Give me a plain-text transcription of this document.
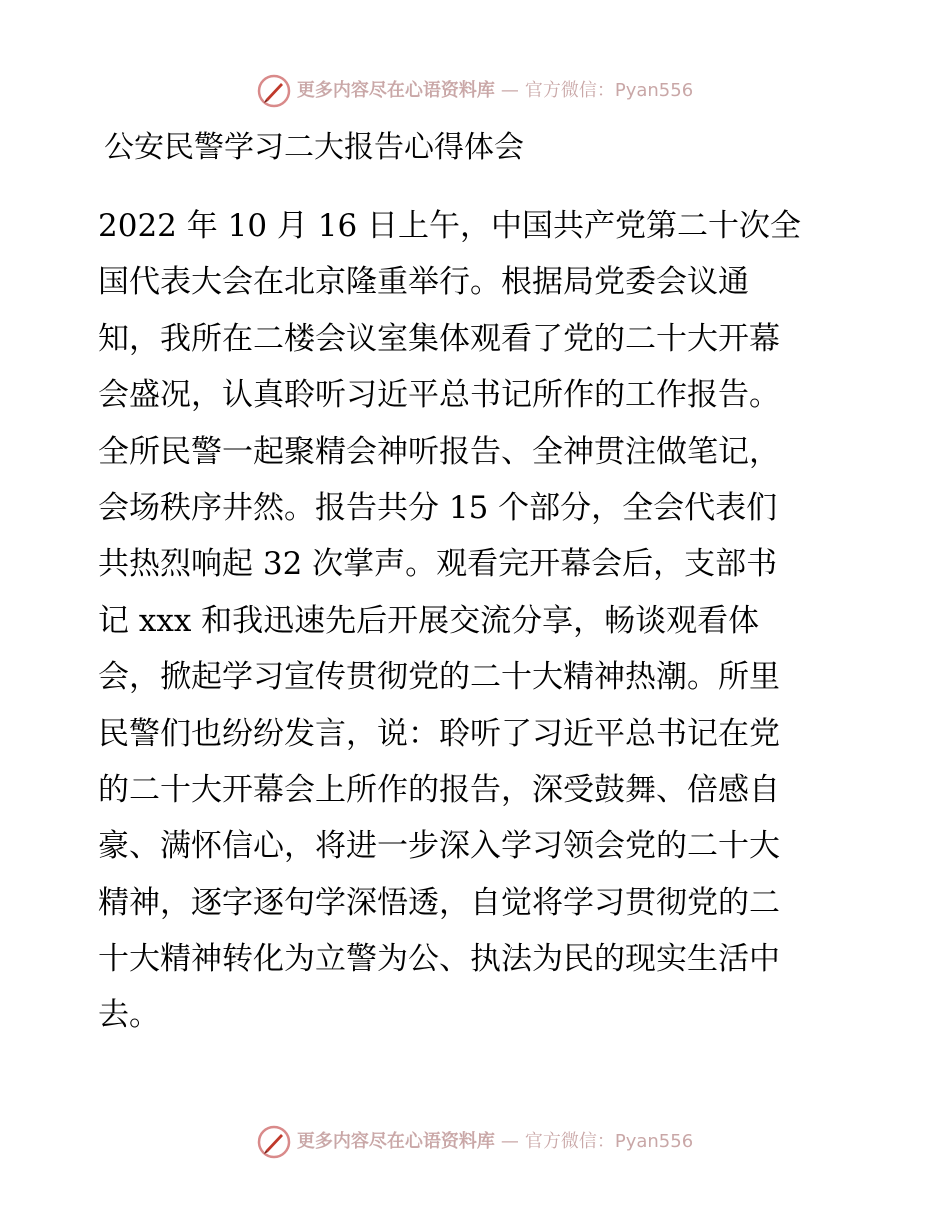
更多内容尽在心语资料库 — 官方微信：Pyan556
公安民警学习二大报告心得体会
2022 年 10 月 16 日上午，中国共产党第二十次全
国代表大会在北京隆重举行。根据局党委会议通
知，我所在二楼会议室集体观看了党的二十大开幕
会盛况，认真聆听习近平总书记所作的工作报告。
全所民警一起聚精会神听报告、全神贯注做笔记，
会场秩序井然。报告共分 15 个部分，全会代表们
共热烈响起 32 次掌声。观看完开幕会后，支部书
记 xxx 和我迅速先后开展交流分享，畅谈观看体
会，掀起学习宣传贯彻党的二十大精神热潮。所里
民警们也纷纷发言，说：聆听了习近平总书记在党
的二十大开幕会上所作的报告，深受鼓舞、倍感自
豪、满怀信心，将进一步深入学习领会党的二十大
精神，逐字逐句学深悟透，自觉将学习贯彻党的二
十大精神转化为立警为公、执法为民的现实生活中
去。
更多内容尽在心语资料库 — 官方微信：Pyan556
